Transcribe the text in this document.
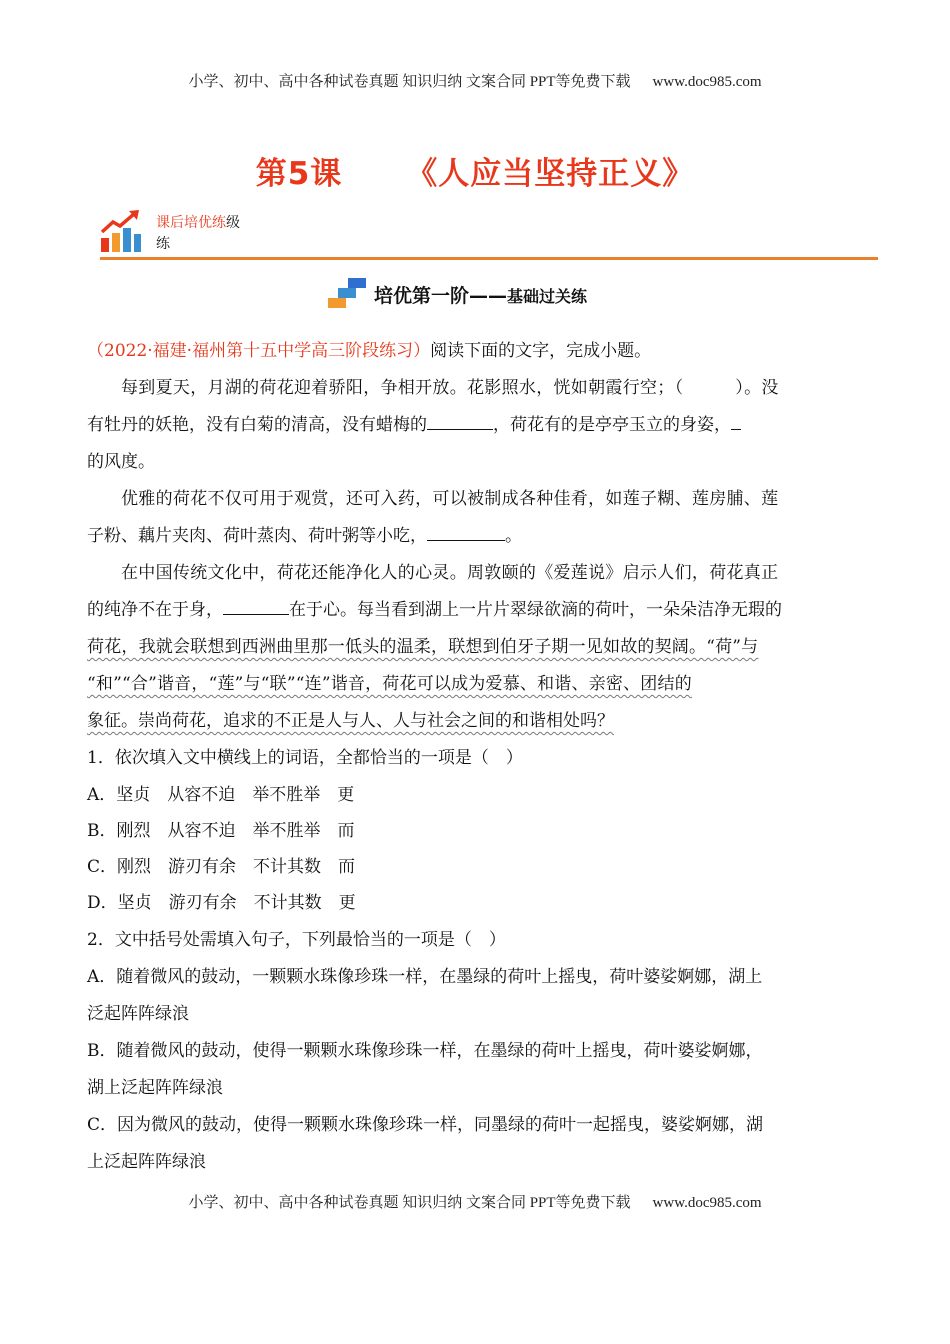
小学、初中、高中各种试卷真题 知识归纳 文案合同 PPT等免费下载 www.doc985.com
第5课 《人应当坚持正义》
课后培优练级
练
培优第一阶——基础过关练
（2022·福建·福州第十五中学高三阶段练习）阅读下面的文字，完成小题。
每到夏天，月湖的荷花迎着骄阳，争相开放。花影照水，恍如朝霞行空；（　　　）。没
有牡丹的妖艳，没有白菊的清高，没有蜡梅的	，荷花有的是亭亭玉立的身姿，
的风度。
优雅的荷花不仅可用于观赏，还可入药，可以被制成各种佳肴，如莲子糊、莲房脯、莲
子粉、藕片夹肉、荷叶蒸肉、荷叶粥等小吃，	。
在中国传统文化中，荷花还能净化人的心灵。周敦颐的《爱莲说》启示人们，荷花真正
的纯净不在于身，	在于心。每当看到湖上一片片翠绿欲滴的荷叶，一朵朵洁净无瑕的
荷花，我就会联想到西洲曲里那一低头的温柔，联想到伯牙子期一见如故的契阔。“荷”与
“和”“合”谐音，“莲”与“联”“连”谐音，荷花可以成为爱慕、和谐、亲密、团结的
象征。崇尚荷花，追求的不正是人与人、人与社会之间的和谐相处吗？
1．依次填入文中横线上的词语，全都恰当的一项是（　）
A．坚贞　从容不迫　举不胜举　更
B．刚烈　从容不迫　举不胜举　而
C．刚烈　游刃有余　不计其数　而
D．坚贞　游刃有余　不计其数　更
2．文中括号处需填入句子，下列最恰当的一项是（　）
A．随着微风的鼓动，一颗颗水珠像珍珠一样，在墨绿的荷叶上摇曳，荷叶婆娑婀娜，湖上
泛起阵阵绿浪
B．随着微风的鼓动，使得一颗颗水珠像珍珠一样，在墨绿的荷叶上摇曳，荷叶婆娑婀娜，
湖上泛起阵阵绿浪
C．因为微风的鼓动，使得一颗颗水珠像珍珠一样，同墨绿的荷叶一起摇曳，婆娑婀娜，湖
上泛起阵阵绿浪
小学、初中、高中各种试卷真题 知识归纳 文案合同 PPT等免费下载 www.doc985.com
